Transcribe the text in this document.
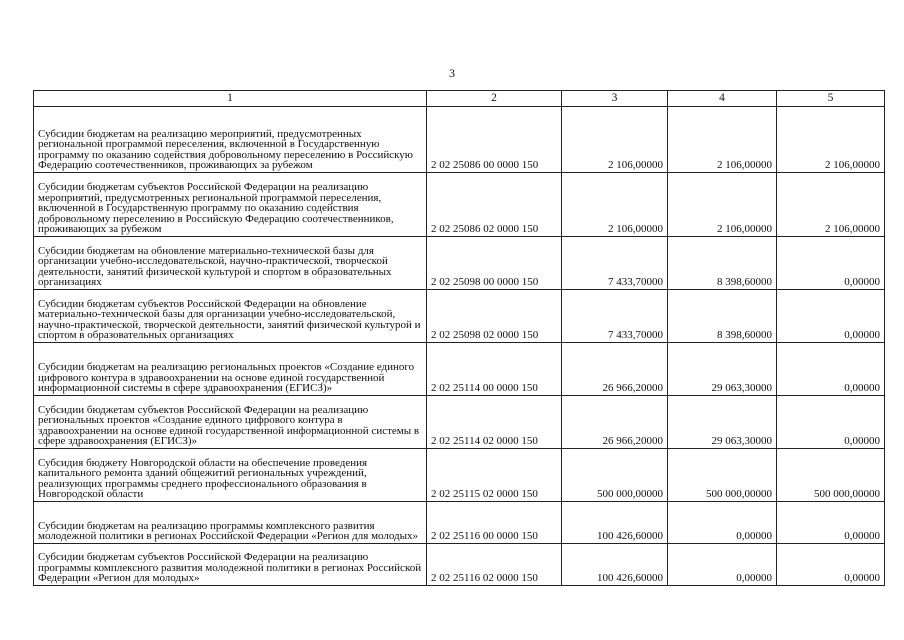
3
1	2	3	4	5
Субсидии бюджетам на реализацию мероприятий, предусмотренных региональной программой переселения, включенной в Государственную программу по оказанию содействия добровольному переселению в Российскую Федерацию соотечественников, проживающих за рубежом	2 02 25086 00 0000 150	2 106,00000	2 106,00000	2 106,00000
Субсидии бюджетам субъектов Российской Федерации на реализацию мероприятий, предусмотренных региональной программой переселения, включенной в Государственную программу по оказанию содействия добровольному переселению в Российскую Федерацию соотечественников, проживающих за рубежом	2 02 25086 02 0000 150	2 106,00000	2 106,00000	2 106,00000
Субсидии бюджетам на обновление материально-технической базы для организации учебно-исследовательской, научно-практической, творческой деятельности, занятий физической культурой и спортом в образовательных организациях	2 02 25098 00 0000 150	7 433,70000	8 398,60000	0,00000
Субсидии бюджетам субъектов Российской Федерации на обновление материально-технической базы для организации учебно-исследовательской, научно-практической, творческой деятельности, занятий физической культурой и спортом в образовательных организациях	2 02 25098 02 0000 150	7 433,70000	8 398,60000	0,00000
Субсидии бюджетам на реализацию региональных проектов «Создание единого цифрового контура в здравоохранении на основе единой государственной информационной системы в сфере здравоохранения (ЕГИСЗ)»	2 02 25114 00 0000 150	26 966,20000	29 063,30000	0,00000
Субсидии бюджетам субъектов Российской Федерации на реализацию региональных проектов «Создание единого цифрового контура в здравоохранении на основе единой государственной информационной системы в сфере здравоохранения (ЕГИСЗ)»	2 02 25114 02 0000 150	26 966,20000	29 063,30000	0,00000
Субсидия бюджету Новгородской области на обеспечение проведения капитального ремонта зданий общежитий региональных учреждений, реализующих программы среднего профессионального образования в Новгородской области	2 02 25115 02 0000 150	500 000,00000	500 000,00000	500 000,00000
Субсидии бюджетам на реализацию программы комплексного развития молодежной политики в регионах Российской Федерации «Регион для молодых»	2 02 25116 00 0000 150	100 426,60000	0,00000	0,00000
Субсидии бюджетам субъектов Российской Федерации на реализацию программы комплексного развития молодежной политики в регионах Российской Федерации «Регион для молодых»	2 02 25116 02 0000 150	100 426,60000	0,00000	0,00000
